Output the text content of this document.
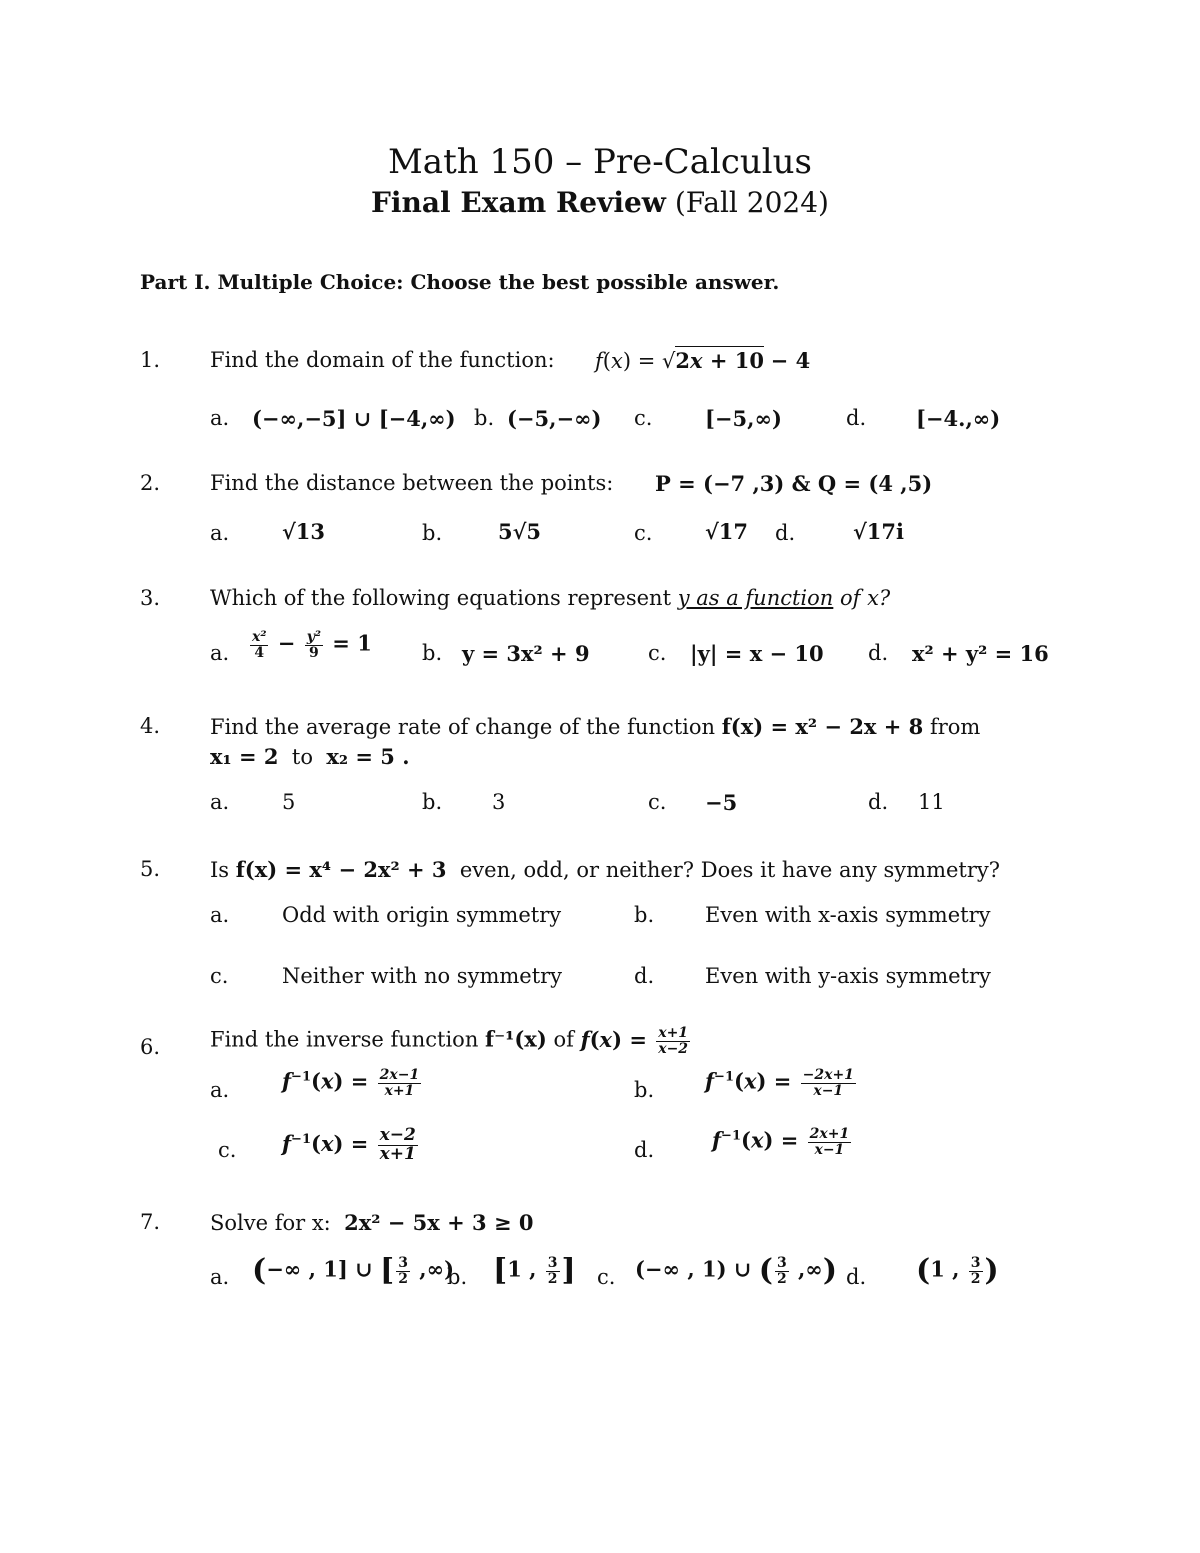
Math 150 – Pre-Calculus
Final Exam Review (Fall 2024)
Part I. Multiple Choice: Choose the best possible answer.
1. Find the domain of the function: f(x) = √2x + 10 − 4
a. (−∞,−5] ∪ [−4,∞) b. (−5,−∞) c.	[−5,∞)	d. [−4.,∞)
2. Find the distance between the points: P = (−7 ,3) & Q = (4 ,5)
a.	√13	b.	5√5	c.	√17 d.	√17i
3. Which of the following equations represent y as a function of x?
a. $\frac{\text{x²}}{4} - \frac{\text{y²}}{9} = 1$ b. y = 3x² + 9	c. |y| = x − 10 d. x² + y² = 16
4. Find the average rate of change of the function f(x) = x² − 2x + 8 from
x₁ = 2 to x₂ = 5 .
a.	5	b. 3	c. −5	d. 11
5. Is f(x) = x⁴ − 2x² + 3 even, odd, or neither? Does it have any symmetry?
a.	Odd with origin symmetry	b. Even with x-axis symmetry
c.	Neither with no symmetry	d. Even with y-axis symmetry
6. Find the inverse function f⁻¹(x) of $f(x) = \frac{x+1}{x-2}$
a.	$f^{-1}(x) = \frac{2x-1}{x+1}$	b. $f^{-1}(x) = \frac{-2x+1}{x-1}$
c. $f^{-1}(x) = \frac{x-2}{x+1}$	d.	$f^{-1}(x) = \frac{2x+1}{x-1}$
7. Solve for x: 2x² − 5x + 3 ≥ 0
a. (−∞ , 1] ∪ [ $\frac{3}{2}$ ,∞)
b. [1 , $\frac{3}{2}$ ] c. (−∞ , 1) ∪ ( $\frac{3}{2}$ ,∞) d. (1 , $\frac{3}{2}$ )
